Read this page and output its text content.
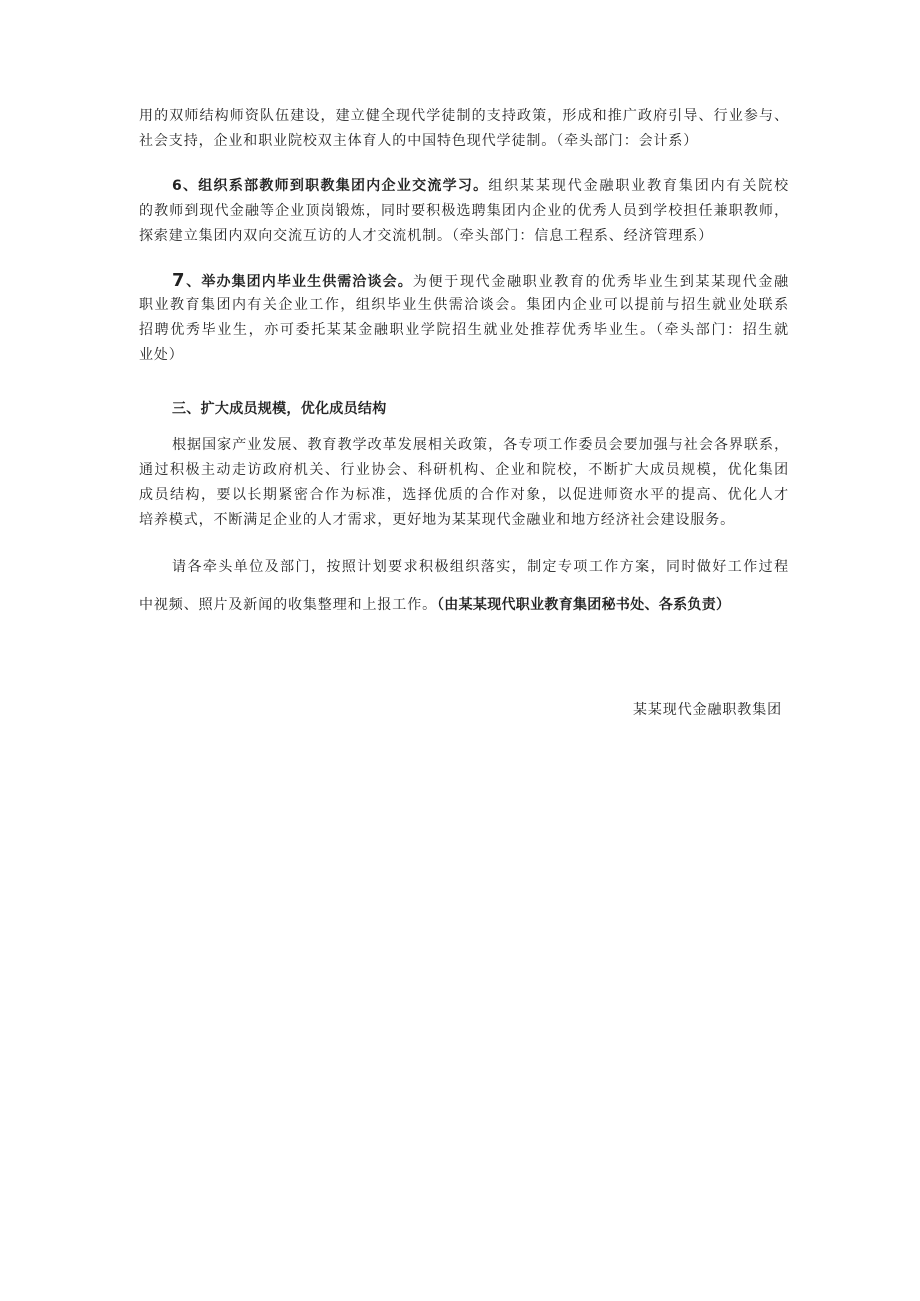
用的双师结构师资队伍建设，建立健全现代学徒制的支持政策，形成和推广政府引导、行业参与、
社会支持，企业和职业院校双主体育人的中国特色现代学徒制。（牵头部门：会计系）
6、组织系部教师到职教集团内企业交流学习。组织某某现代金融职业教育集团内有关院校
的教师到现代金融等企业顶岗锻炼，同时要积极选聘集团内企业的优秀人员到学校担任兼职教师，
探索建立集团内双向交流互访的人才交流机制。（牵头部门：信息工程系、经济管理系）
7、举办集团内毕业生供需洽谈会。为便于现代金融职业教育的优秀毕业生到某某现代金融
职业教育集团内有关企业工作，组织毕业生供需洽谈会。集团内企业可以提前与招生就业处联系
招聘优秀毕业生，亦可委托某某金融职业学院招生就业处推荐优秀毕业生。（牵头部门：招生就
业处）
三、扩大成员规模，优化成员结构
根据国家产业发展、教育教学改革发展相关政策，各专项工作委员会要加强与社会各界联系，
通过积极主动走访政府机关、行业协会、科研机构、企业和院校，不断扩大成员规模，优化集团
成员结构，要以长期紧密合作为标准，选择优质的合作对象，以促进师资水平的提高、优化人才
培养模式，不断满足企业的人才需求，更好地为某某现代金融业和地方经济社会建设服务。
请各牵头单位及部门，按照计划要求积极组织落实，制定专项工作方案，同时做好工作过程
中视频、照片及新闻的收集整理和上报工作。（由某某现代职业教育集团秘书处、各系负责）
某某现代金融职教集团
